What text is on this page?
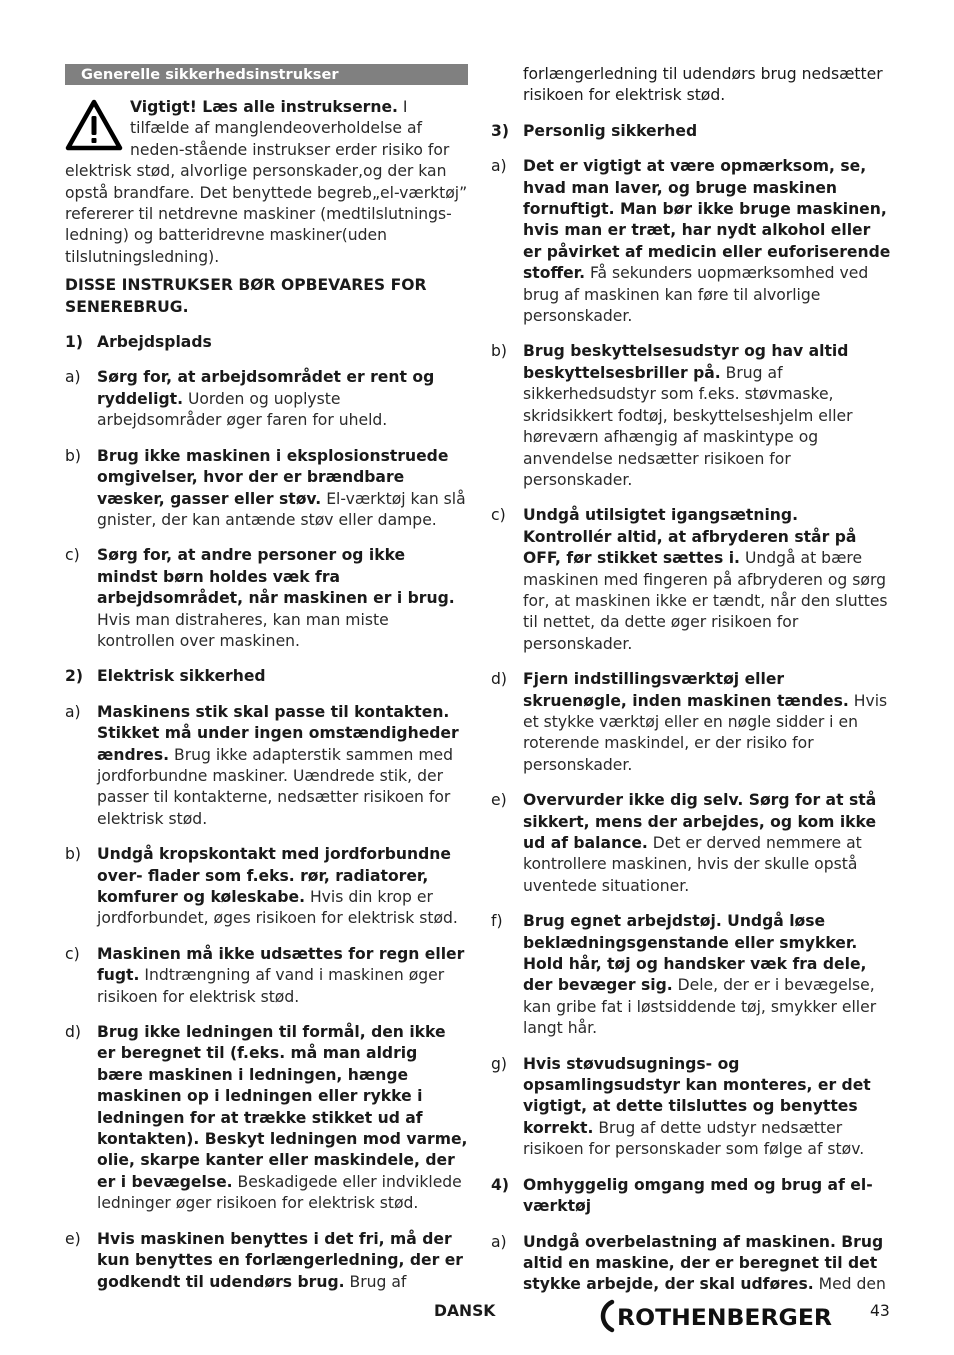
Generelle sikkerhedsinstrukser
Vigtigt! Læs alle instrukserne. I tilfælde af manglendeoverholdelse af neden-stående instrukser erder risiko for elektrisk stød, alvorlige personskader,og der kan opstå brandfare. Det benyttede begreb„el-værktøj” refererer til netdrevne maskiner (medtilslutnings-ledning) og batteridrevne maskiner(uden tilslutningsledning).
DISSE INSTRUKSER BØR OPBEVARES FOR SENEREBRUG.
1) Arbejdsplads
a)	Sørg for, at arbejdsområdet er rent og ryddeligt. Uorden og uoplyste arbejdsområder øger faren for uheld.
b)	Brug ikke maskinen i eksplosionstruede omgivelser, hvor der er brændbare væsker, gasser eller støv. El-værktøj kan slå gnister, der kan antænde støv eller dampe.
c)	Sørg for, at andre personer og ikke mindst børn holdes væk fra arbejdsområdet, når maskinen er i brug. Hvis man distraheres, kan man miste kontrollen over maskinen.
2) Elektrisk sikkerhed
a)	Maskinens stik skal passe til kontakten. Stikket må under ingen omstændigheder ændres. Brug ikke adapterstik sammen med jordforbundne maskiner. Uændrede stik, der passer til kontakterne, nedsætter risikoen for elektrisk stød.
b)	Undgå kropskontakt med jordforbundne over- flader som f.eks. rør, radiatorer, komfurer og køleskabe. Hvis din krop er jordforbundet, øges risikoen for elektrisk stød.
c)	Maskinen må ikke udsættes for regn eller fugt. Indtrængning af vand i maskinen øger risikoen for elektrisk stød.
d)	Brug ikke ledningen til formål, den ikke er beregnet til (f.eks. må man aldrig bære maskinen i ledningen, hænge maskinen op i ledningen eller rykke i ledningen for at trække stikket ud af kontakten). Beskyt ledningen mod varme, olie, skarpe kanter eller maskindele, der er i bevægelse. Beskadigede eller indviklede ledninger øger risikoen for elektrisk stød.
e)	Hvis maskinen benyttes i det fri, må der kun benyttes en forlængerledning, der er godkendt til udendørs brug. Brug af
forlængerledning til udendørs brug nedsætter risikoen for elektrisk stød.
3) Personlig sikkerhed
a)	Det er vigtigt at være opmærksom, se, hvad man laver, og bruge maskinen fornuftigt. Man bør ikke bruge maskinen, hvis man er træt, har nydt alkohol eller er påvirket af medicin eller euforiserende stoffer. Få sekunders uopmærksomhed ved brug af maskinen kan føre til alvorlige personskader.
b)	Brug beskyttelsesudstyr og hav altid beskyttelsesbriller på. Brug af sikkerhedsudstyr som f.eks. støvmaske, skridsikkert fodtøj, beskyttelseshjelm eller høreværn afhængig af maskintype og anvendelse nedsætter risikoen for personskader.
c)	Undgå utilsigtet igangsætning. Kontrollér altid, at afbryderen står på OFF, før stikket sættes i. Undgå at bære maskinen med fingeren på afbryderen og sørg for, at maskinen ikke er tændt, når den sluttes til nettet, da dette øger risikoen for personskader.
d)	Fjern indstillingsværktøj eller skruenøgle, inden maskinen tændes. Hvis et stykke værktøj eller en nøgle sidder i en roterende maskindel, er der risiko for personskader.
e)	Overvurder ikke dig selv. Sørg for at stå sikkert, mens der arbejdes, og kom ikke ud af balance. Det er derved nemmere at kontrollere maskinen, hvis der skulle opstå uventede situationer.
f)	Brug egnet arbejdstøj. Undgå løse beklædningsgenstande eller smykker. Hold hår, tøj og handsker væk fra dele, der bevæger sig. Dele, der er i bevægelse, kan gribe fat i løstsiddende tøj, smykker eller langt hår.
g)	Hvis støvudsugnings- og opsamlingsudstyr kan monteres, er det vigtigt, at dette tilsluttes og benyttes korrekt. Brug af dette udstyr nedsætter risikoen for personskader som følge af støv.
4) Omhyggelig omgang med og brug af el-værktøj
a)	Undgå overbelastning af maskinen. Brug altid en maskine, der er beregnet til det stykke arbejde, der skal udføres. Med den
DANSK	ROTHENBERGER 43
